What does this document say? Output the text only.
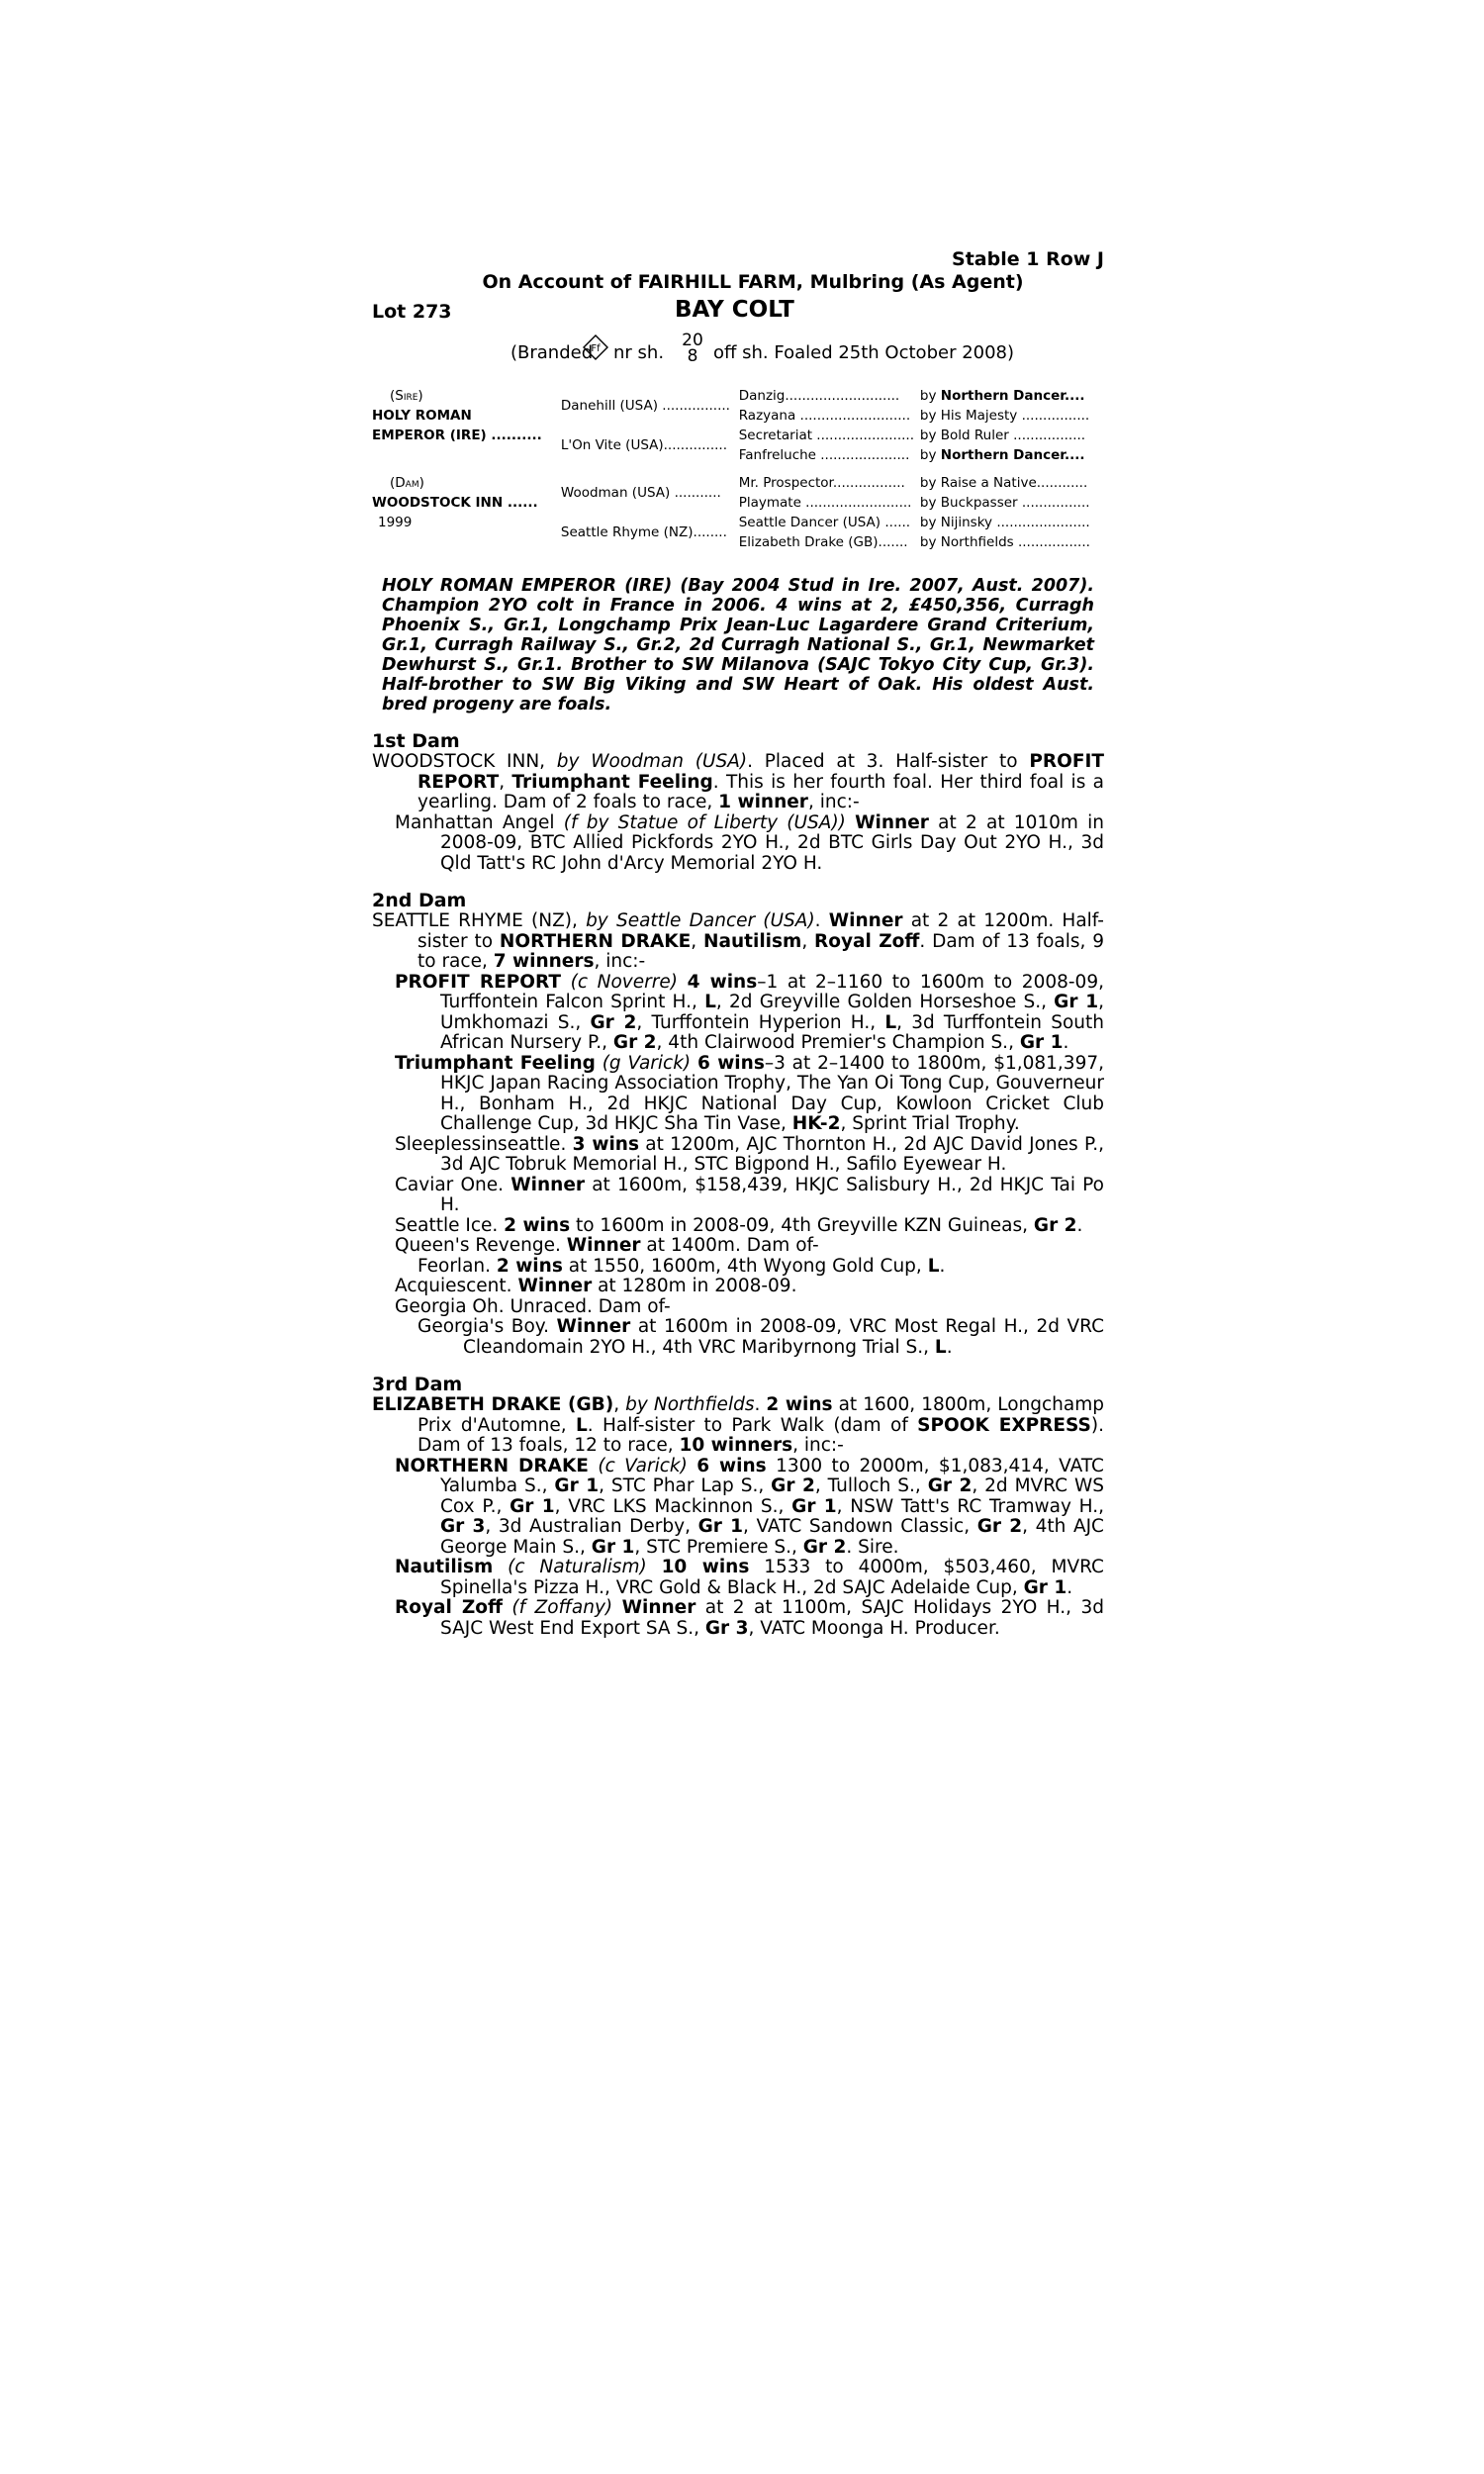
Stable 1 Row J
On Account of FAIRHILL FARM, Mulbring (As Agent)
Lot 273	BAY COLT
(Branded
Ff nr sh.
20
8 off sh. Foaled 25th October 2008)
(Sire)	Danehill (USA) ................	Danzig...........................	by Northern Dancer....
HOLY ROMAN		Razyana ..........................	by His Majesty ................
EMPEROR (IRE) ..........	L'On Vite (USA)...............	Secretariat .......................	by Bold Ruler .................
		Fanfreluche .....................	by Northern Dancer....
(Dam)	Woodman (USA) ...........	Mr. Prospector.................	by Raise a Native............
WOODSTOCK INN ......		Playmate .........................	by Buckpasser ................
1999	Seattle Rhyme (NZ)........	Seattle Dancer (USA) ......	by Nijinsky ......................
		Elizabeth Drake (GB).......	by Northfields .................
HOLY ROMAN EMPEROR (IRE) (Bay 2004 Stud in Ire. 2007, Aust. 2007). Champion 2YO colt in France in 2006. 4 wins at 2, £450,356, Curragh Phoenix S., Gr.1, Longchamp Prix Jean-Luc Lagardere Grand Criterium, Gr.1, Curragh Railway S., Gr.2, 2d Curragh National S., Gr.1, Newmarket Dewhurst S., Gr.1. Brother to SW Milanova (SAJC Tokyo City Cup, Gr.3). Half-brother to SW Big Viking and SW Heart of Oak. His oldest Aust. bred progeny are foals.
1st Dam
WOODSTOCK INN, by Woodman (USA). Placed at 3. Half-sister to PROFIT REPORT, Triumphant Feeling. This is her fourth foal. Her third foal is a yearling. Dam of 2 foals to race, 1 winner, inc:-
Manhattan Angel (f by Statue of Liberty (USA)) Winner at 2 at 1010m in 2008-09, BTC Allied Pickfords 2YO H., 2d BTC Girls Day Out 2YO H., 3d Qld Tatt's RC John d'Arcy Memorial 2YO H.
2nd Dam
SEATTLE RHYME (NZ), by Seattle Dancer (USA). Winner at 2 at 1200m. Half-sister to NORTHERN DRAKE, Nautilism, Royal Zoff. Dam of 13 foals, 9 to race, 7 winners, inc:-
PROFIT REPORT (c Noverre) 4 wins–1 at 2–1160 to 1600m to 2008-09, Turffontein Falcon Sprint H., L, 2d Greyville Golden Horseshoe S., Gr 1, Umkhomazi S., Gr 2, Turffontein Hyperion H., L, 3d Turffontein South African Nursery P., Gr 2, 4th Clairwood Premier's Champion S., Gr 1.
Triumphant Feeling (g Varick) 6 wins–3 at 2–1400 to 1800m, $1,081,397, HKJC Japan Racing Association Trophy, The Yan Oi Tong Cup, Gouverneur H., Bonham H., 2d HKJC National Day Cup, Kowloon Cricket Club Challenge Cup, 3d HKJC Sha Tin Vase, HK-2, Sprint Trial Trophy.
Sleeplessinseattle. 3 wins at 1200m, AJC Thornton H., 2d AJC David Jones P., 3d AJC Tobruk Memorial H., STC Bigpond H., Safilo Eyewear H.
Caviar One. Winner at 1600m, $158,439, HKJC Salisbury H., 2d HKJC Tai Po H.
Seattle Ice. 2 wins to 1600m in 2008-09, 4th Greyville KZN Guineas, Gr 2.
Queen's Revenge. Winner at 1400m. Dam of-
Feorlan. 2 wins at 1550, 1600m, 4th Wyong Gold Cup, L.
Acquiescent. Winner at 1280m in 2008-09.
Georgia Oh. Unraced. Dam of-
Georgia's Boy. Winner at 1600m in 2008-09, VRC Most Regal H., 2d VRC Cleandomain 2YO H., 4th VRC Maribyrnong Trial S., L.
3rd Dam
ELIZABETH DRAKE (GB), by Northfields. 2 wins at 1600, 1800m, Longchamp Prix d'Automne, L. Half-sister to Park Walk (dam of SPOOK EXPRESS). Dam of 13 foals, 12 to race, 10 winners, inc:-
NORTHERN DRAKE (c Varick) 6 wins 1300 to 2000m, $1,083,414, VATC Yalumba S., Gr 1, STC Phar Lap S., Gr 2, Tulloch S., Gr 2, 2d MVRC WS Cox P., Gr 1, VRC LKS Mackinnon S., Gr 1, NSW Tatt's RC Tramway H., Gr 3, 3d Australian Derby, Gr 1, VATC Sandown Classic, Gr 2, 4th AJC George Main S., Gr 1, STC Premiere S., Gr 2. Sire.
Nautilism (c Naturalism) 10 wins 1533 to 4000m, $503,460, MVRC Spinella's Pizza H., VRC Gold & Black H., 2d SAJC Adelaide Cup, Gr 1.
Royal Zoff (f Zoffany) Winner at 2 at 1100m, SAJC Holidays 2YO H., 3d SAJC West End Export SA S., Gr 3, VATC Moonga H. Producer.
